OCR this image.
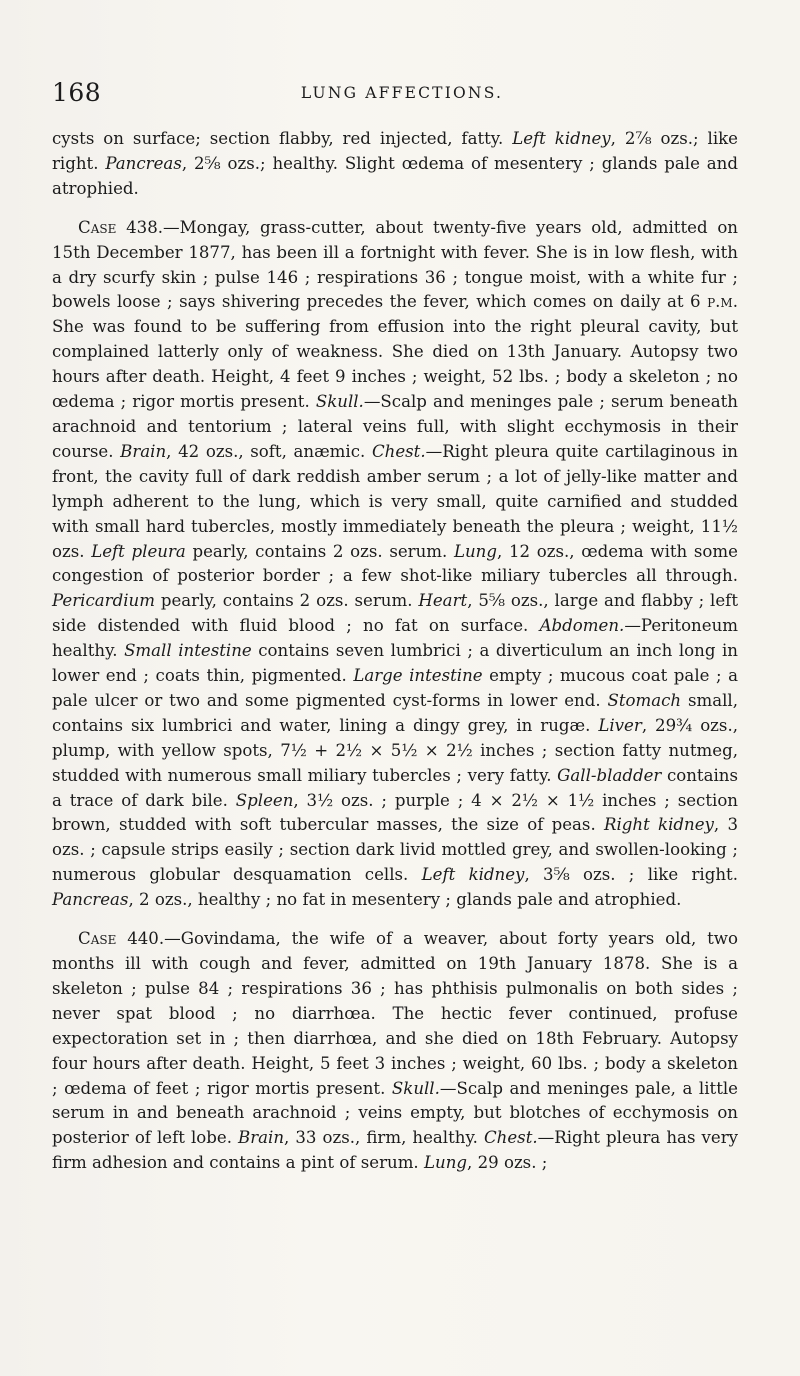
168	LUNG AFFECTIONS.

cysts on surface; section flabby, red injected, fatty. Left kidney, 2⅞ ozs.; like right. Pancreas, 2⅝ ozs.; healthy. Slight œdema of mesentery ; glands pale and atrophied.

Case 438.—Mongay, grass-cutter, about twenty-five years old, admitted on 15th December 1877, has been ill a fortnight with fever. She is in low flesh, with a dry scurfy skin ; pulse 146 ; respirations 36 ; tongue moist, with a white fur ; bowels loose ; says shivering precedes the fever, which comes on daily at 6 p.m. She was found to be suffering from effusion into the right pleural cavity, but complained latterly only of weakness. She died on 13th January. Autopsy two hours after death. Height, 4 feet 9 inches ; weight, 52 lbs. ; body a skeleton ; no œdema ; rigor mortis present. Skull.—Scalp and meninges pale ; serum beneath arachnoid and tentorium ; lateral veins full, with slight ecchymosis in their course. Brain, 42 ozs., soft, anæmic. Chest.—Right pleura quite cartilaginous in front, the cavity full of dark reddish amber serum ; a lot of jelly-like matter and lymph adherent to the lung, which is very small, quite carnified and studded with small hard tubercles, mostly immediately beneath the pleura ; weight, 11½ ozs. Left pleura pearly, contains 2 ozs. serum. Lung, 12 ozs., œdema with some congestion of posterior border ; a few shot-like miliary tubercles all through. Pericardium pearly, contains 2 ozs. serum. Heart, 5⅝ ozs., large and flabby ; left side distended with fluid blood ; no fat on surface. Abdomen.—Peritoneum healthy. Small intestine contains seven lumbrici ; a diverticulum an inch long in lower end ; coats thin, pigmented. Large intestine empty ; mucous coat pale ; a pale ulcer or two and some pigmented cyst-forms in lower end. Stomach small, contains six lumbrici and water, lining a dingy grey, in rugæ. Liver, 29¾ ozs., plump, with yellow spots, 7½ + 2½ × 5½ × 2½ inches ; section fatty nutmeg, studded with numerous small miliary tubercles ; very fatty. Gall-bladder contains a trace of dark bile. Spleen, 3½ ozs. ; purple ; 4 × 2½ × 1½ inches ; section brown, studded with soft tubercular masses, the size of peas. Right kidney, 3 ozs. ; capsule strips easily ; section dark livid mottled grey, and swollen-looking ; numerous globular desquamation cells. Left kidney, 3⅝ ozs. ; like right. Pancreas, 2 ozs., healthy ; no fat in mesentery ; glands pale and atrophied.

Case 440.—Govindama, the wife of a weaver, about forty years old, two months ill with cough and fever, admitted on 19th January 1878. She is a skeleton ; pulse 84 ; respirations 36 ; has phthisis pulmonalis on both sides ; never spat blood ; no diarrhœa. The hectic fever continued, profuse expectoration set in ; then diarrhœa, and she died on 18th February. Autopsy four hours after death. Height, 5 feet 3 inches ; weight, 60 lbs. ; body a skeleton ; œdema of feet ; rigor mortis present. Skull.—Scalp and meninges pale, a little serum in and beneath arachnoid ; veins empty, but blotches of ecchymosis on posterior of left lobe. Brain, 33 ozs., firm, healthy. Chest.—Right pleura has very firm adhesion and contains a pint of serum. Lung, 29 ozs. ;
